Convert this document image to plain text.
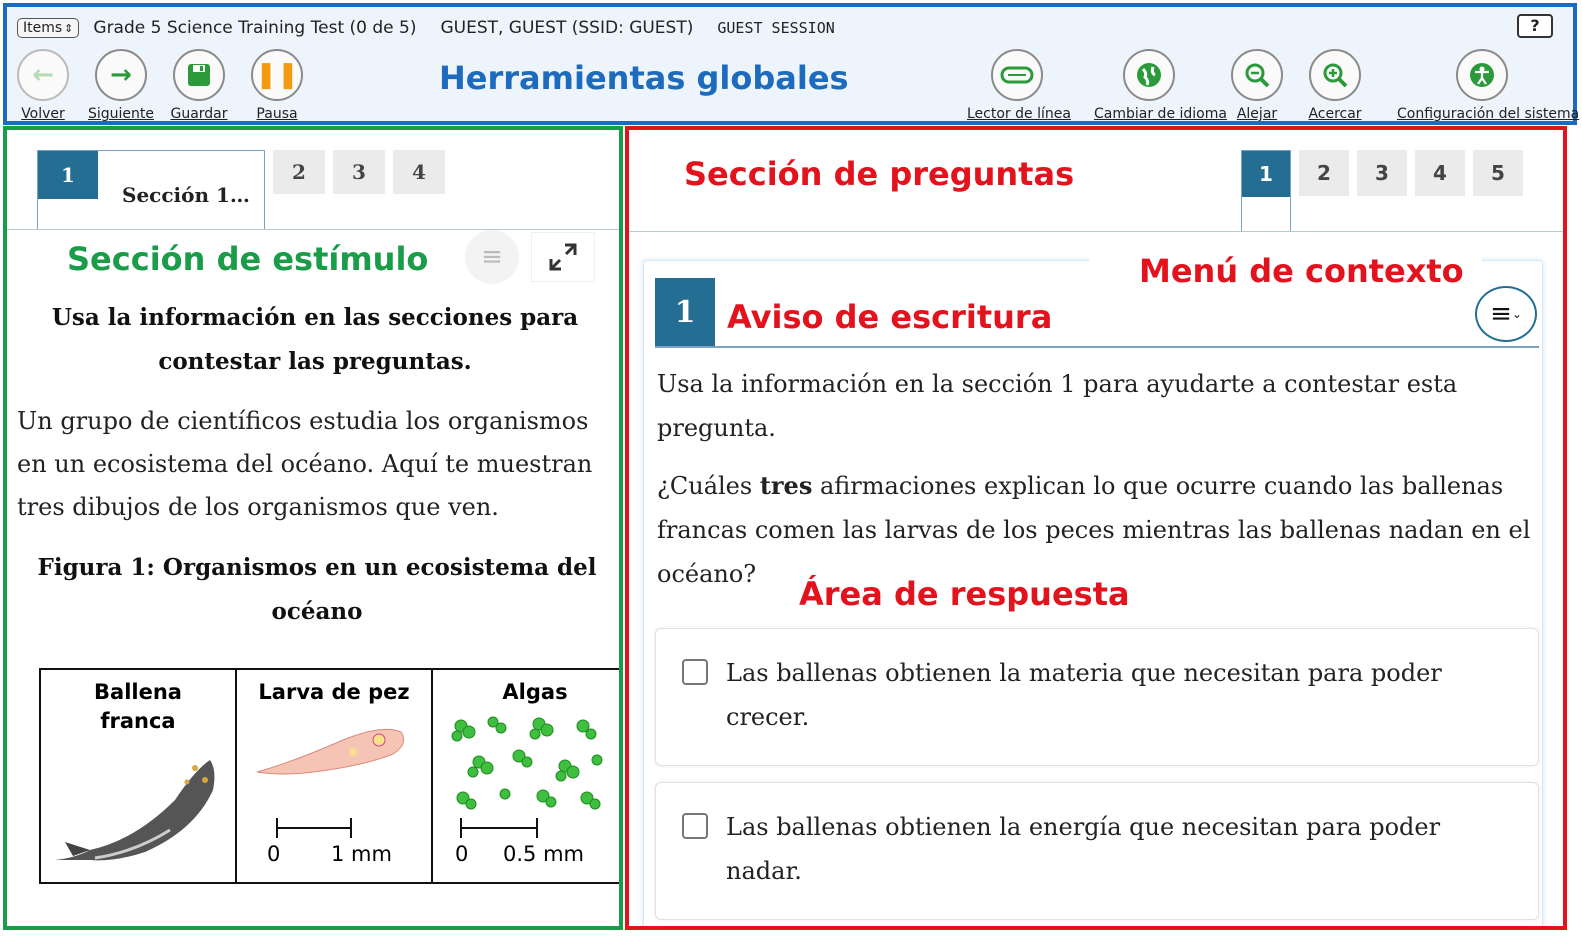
Items ⇕ Grade 5 Science Training Test (0 de 5) GUEST, GUEST (SSID: GUEST) GUEST SESSION	?
←
Volver
→
Siguiente	Guardar
❚❚
Pausa
Herramientas globales
Lector de línea Cambiar de idioma Alejar	Acercar	Configuración del sistema
1
Sección 1…
2	3	4
Sección de estímulo ≡
Usa la información en las secciones para contestar las preguntas.
Un grupo de científicos estudia los organismos en un ecosistema del océano. Aquí te muestran tres dibujos de los organismos que ven.
Figura 1: Organismos en un ecosistema del océano
Ballena franca
Larva de pez
0 1 mm
Algas
0 0.5 mm
Sección de preguntas	1	2	3	4	5
Menú de contexto
1 Aviso de escritura	≡ ⌄

Usa la información en la sección 1 para ayudarte a contestar esta pregunta.

¿Cuáles tres afirmaciones explican lo que ocurre cuando las ballenas francas comen las larvas de los peces mientras las ballenas nadan en el océano?

Área de respuesta
Las ballenas obtienen la materia que necesitan para poder crecer.
Las ballenas obtienen la energía que necesitan para poder nadar.
